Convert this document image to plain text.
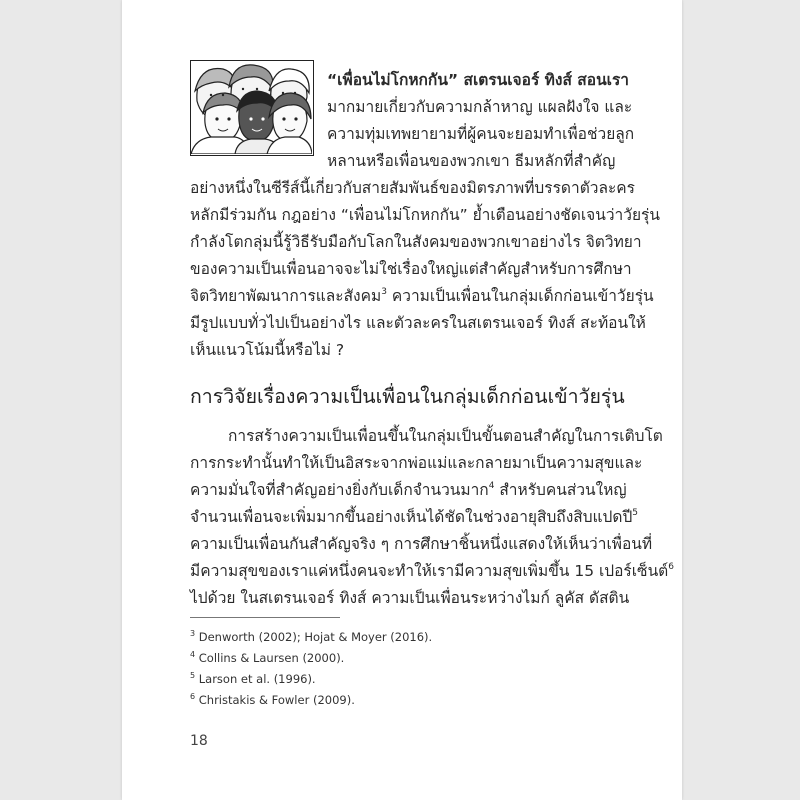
“เพื่อนไม่โกหกกัน” สเตรนเจอร์ ทิงส์ สอนเรา
มากมายเกี่ยวกับความกล้าหาญ แผลฝังใจ และ
ความทุ่มเทพยายามที่ผู้คนจะยอมทำเพื่อช่วยลูก
หลานหรือเพื่อนของพวกเขา ธีมหลักที่สำคัญ
อย่างหนึ่งในซีรีส์นี้เกี่ยวกับสายสัมพันธ์ของมิตรภาพที่บรรดาตัวละคร
หลักมีร่วมกัน กฎอย่าง “เพื่อนไม่โกหกกัน” ย้ำเตือนอย่างชัดเจนว่าวัยรุ่น
กำลังโตกลุ่มนี้รู้วิธีรับมือกับโลกในสังคมของพวกเขาอย่างไร จิตวิทยา
ของความเป็นเพื่อนอาจจะไม่ใช่เรื่องใหญ่แต่สำคัญสำหรับการศึกษา
จิตวิทยาพัฒนาการและสังคม$^3$ ความเป็นเพื่อนในกลุ่มเด็กก่อนเข้าวัยรุ่น
มีรูปแบบทั่วไปเป็นอย่างไร และตัวละครในสเตรนเจอร์ ทิงส์ สะท้อนให้
เห็นแนวโน้มนี้หรือไม่ ?
การวิจัยเรื่องความเป็นเพื่อนในกลุ่มเด็กก่อนเข้าวัยรุ่น
การสร้างความเป็นเพื่อนขึ้นในกลุ่มเป็นขั้นตอนสำคัญในการเติบโต
การกระทำนั้นทำให้เป็นอิสระจากพ่อแม่และกลายมาเป็นความสุขและ
ความมั่นใจที่สำคัญอย่างยิ่งกับเด็กจำนวนมาก$^4$ สำหรับคนส่วนใหญ่
จำนวนเพื่อนจะเพิ่มมากขึ้นอย่างเห็นได้ชัดในช่วงอายุสิบถึงสิบแปดปี$^5$
ความเป็นเพื่อนกันสำคัญจริง ๆ การศึกษาชิ้นหนึ่งแสดงให้เห็นว่าเพื่อนที่
มีความสุขของเราแค่หนึ่งคนจะทำให้เรามีความสุขเพิ่มขึ้น 15 เปอร์เซ็นต์$^6$
ไปด้วย ในสเตรนเจอร์ ทิงส์ ความเป็นเพื่อนระหว่างไมก์ ลูคัส ดัสติน
$^3$ Denworth (2002); Hojat & Moyer (2016).
$^4$ Collins & Laursen (2000).
$^5$ Larson et al. (1996).
$^6$ Christakis & Fowler (2009).
18
